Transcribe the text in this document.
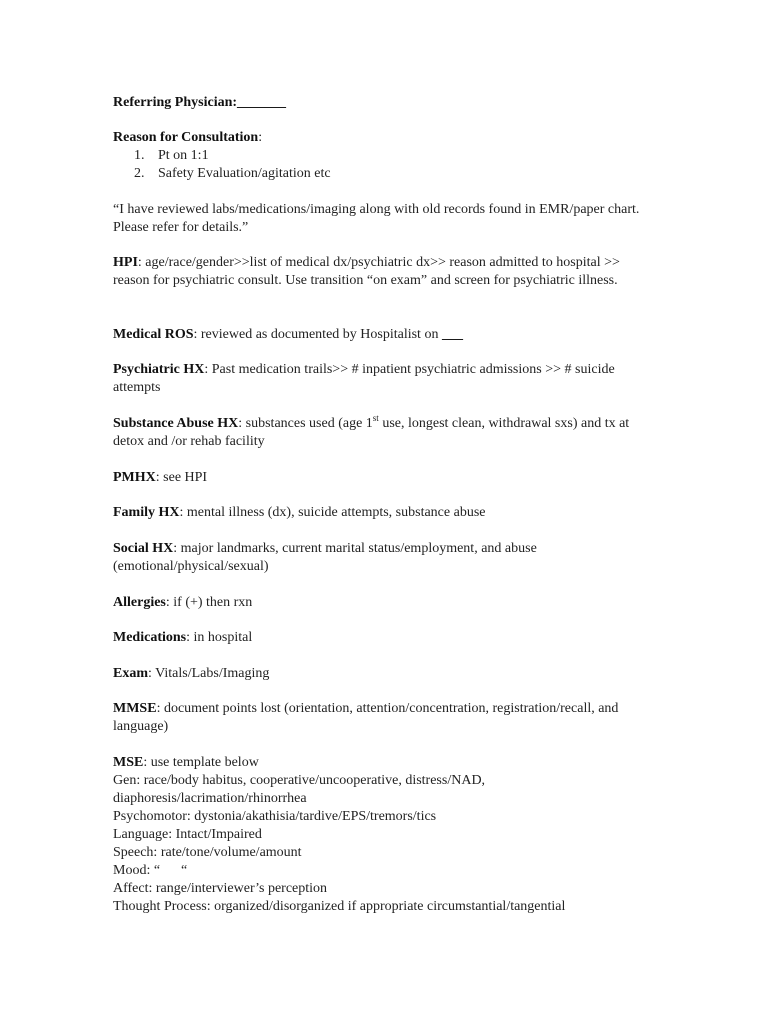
Referring Physician:_______

Reason for Consultation:
1. Pt on 1:1
2. Safety Evaluation/agitation etc

“I have reviewed labs/medications/imaging along with old records found in EMR/paper chart. Please refer for details.”

HPI: age/race/gender>>list of medical dx/psychiatric dx>> reason admitted to hospital >> reason for psychiatric consult. Use transition “on exam” and screen for psychiatric illness.

Medical ROS: reviewed as documented by Hospitalist on ___

Psychiatric HX: Past medication trails>> # inpatient psychiatric admissions >> # suicide attempts

Substance Abuse HX: substances used (age 1st use, longest clean, withdrawal sxs) and tx at detox and /or rehab facility

PMHX: see HPI

Family HX: mental illness (dx), suicide attempts, substance abuse

Social HX: major landmarks, current marital status/employment, and abuse (emotional/physical/sexual)

Allergies: if (+) then rxn

Medications: in hospital

Exam: Vitals/Labs/Imaging

MMSE: document points lost (orientation, attention/concentration, registration/recall, and language)

MSE: use template below
Gen: race/body habitus, cooperative/uncooperative, distress/NAD,
diaphoresis/lacrimation/rhinorrhea
Psychomotor: dystonia/akathisia/tardive/EPS/tremors/tics
Language: Intact/Impaired
Speech: rate/tone/volume/amount
Mood: “      “
Affect: range/interviewer’s perception
Thought Process: organized/disorganized if appropriate circumstantial/tangential
